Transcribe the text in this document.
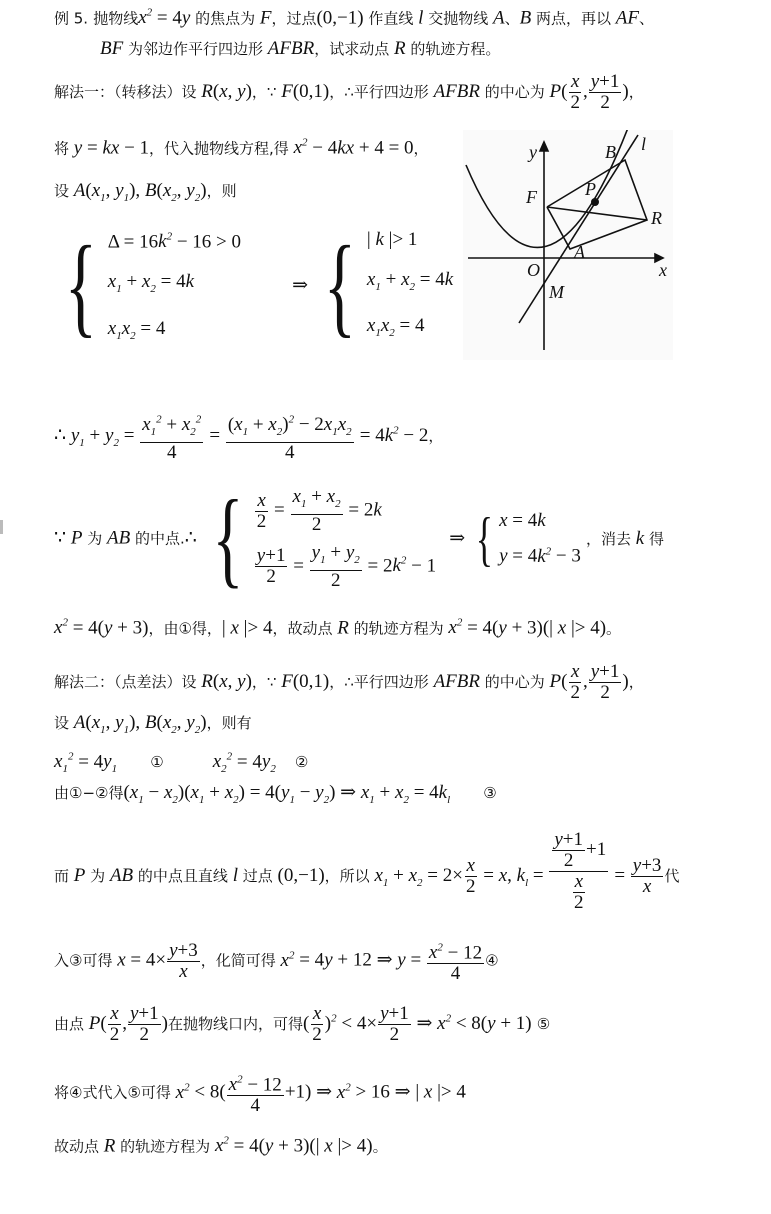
例 5. 抛物线$x^2 = 4y$ 的焦点为 F，过点(0,−1) 作直线 l 交抛物线 A、B 两点，再以 AF、
BF 为邻边作平行四边形 AFBR，试求动点 R 的轨迹方程。
解法一：（转移法）设 R(x, y)，∵ F(0,1)，∴平行四边形 AFBR 的中心为 $P( \frac{x}{2}$ , $\frac{y+1}{2}$ )，
将 y = kx − 1，代入抛物线方程,得 $x^2 - 4kx + 4 = 0$，
设 $A(x_1$, $y_1$), $B(x_2$, $y_2$)，则
{ $\Delta = 16k^2 - 16 > 0$
$x_1 + x_2 = 4k$
$x_1x_2 = 4$
⇒ { | k |> 1
$x_1 + x_2 = 4k$
$x_1x_2 = 4$
y
x
O
F
B
P
R
A
M
l
∴ $y_1 + y_2 = \frac{x_1^2 + x_2^2}{4} = \frac{(x_1 + x_2)^2 - 2x_1x_2}{4} = 4k^2 - 2$，
∵ P 为 AB 的中点.∴ { $\frac{x}{2} = \frac{x_1 + x_2}{2} = 2k$
$\frac{y+1}{2} = \frac{y_1 + y_2}{2} = 2k^2 - 1$
⇒ { x = 4k
$y = 4k^2 - 3$
，消去 k 得
$x^2 = 4(y + 3)$，由①得，| x |> 4，故动点 R 的轨迹方程为 $x^2 = 4(y + 3)(|$ x |> 4)。
解法二：（点差法）设 R(x, y)，∵ F(0,1)，∴平行四边形 AFBR 的中心为 $P( \frac{x}{2}$ , $\frac{y+1}{2}$ )，
设 $A(x_1$, $y_1$), $B(x_2$, $y_2$)，则有
$x_1^2 = 4y_1$ ①	$x_2^2 = 4y_2$ ②
由①−②得$(x_1 - x_2)(x_1 + x_2) = 4(y_1 - y_2)$ ⇒ $x_1 + x_2 = 4k_l$ ③
而 P 为 AB 的中点且直线 l 过点 (0,−1)，所以 $x_1 + x_2 = 2\times \frac{x}{2} = x$, $k_l = \frac{\frac{y+1}{2} +1}{\frac{x}{2}} = \frac{y+3}{x}$ 代
入③可得 $x = 4\times \frac{y+3}{x}$ ，化简可得 $x^2 = 4y + 12$ ⇒ $y = \frac{x^2 - 12}{4}$ ④
由点 $P( \frac{x}{2}$ , $\frac{y+1}{2}$ )在抛物线口内，可得( $\frac{x}{2} )^2 < 4\times \frac{y+1}{2}$ ⇒ $x^2 < 8(y + 1)$ ⑤
将④式代入⑤可得 $x^2 < 8( \frac{x^2 - 12}{4} +1)$ ⇒ $x^2 > 16$ ⇒ | x |> 4
故动点 R 的轨迹方程为 $x^2 = 4(y + 3)(|$ x |> 4)。
